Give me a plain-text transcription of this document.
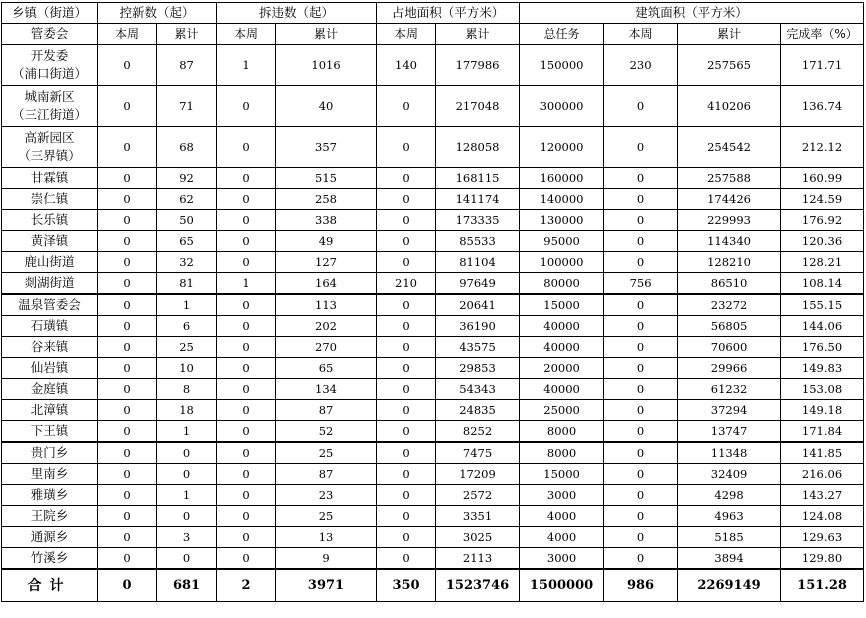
乡镇（街道）	控新数（起）		拆违数（起）		占地面积（平方米）		建筑面积（平方米）			
管委会	本周	累计	本周	累计	本周	累计	总任务	本周	累计	完成率（%）

开发委
（浦口街道）	0	87	1	1016	140	177986	150000	230	257565	171.71

城南新区
（三江街道）	0	71	0	40	0	217048	300000	0	410206	136.74

高新园区
（三界镇）	0	68	0	357	0	128058	120000	0	254542	212.12

甘霖镇	0	92	0	515	0	168115	160000	0	257588	160.99

崇仁镇	0	62	0	258	0	141174	140000	0	174426	124.59

长乐镇	0	50	0	338	0	173335	130000	0	229993	176.92

黄泽镇	0	65	0	49	0	85533	95000	0	114340	120.36

鹿山街道	0	32	0	127	0	81104	100000	0	128210	128.21

剡湖街道	0	81	1	164	210	97649	80000	756	86510	108.14

温泉管委会	0	1	0	113	0	20641	15000	0	23272	155.15

石璜镇	0	6	0	202	0	36190	40000	0	56805	144.06

谷来镇	0	25	0	270	0	43575	40000	0	70600	176.50

仙岩镇	0	10	0	65	0	29853	20000	0	29966	149.83

金庭镇	0	8	0	134	0	54343	40000	0	61232	153.08

北漳镇	0	18	0	87	0	24835	25000	0	37294	149.18

下王镇	0	1	0	52	0	8252	8000	0	13747	171.84

贵门乡	0	0	0	25	0	7475	8000	0	11348	141.85

里南乡	0	0	0	87	0	17209	15000	0	32409	216.06

雅璜乡	0	1	0	23	0	2572	3000	0	4298	143.27

王院乡	0	0	0	25	0	3351	4000	0	4963	124.08

通源乡	0	3	0	13	0	3025	4000	0	5185	129.63

竹溪乡	0	0	0	9	0	2113	3000	0	3894	129.80
合计	0	681	2	3971	350	1523746	1500000	986	2269149	151.28
